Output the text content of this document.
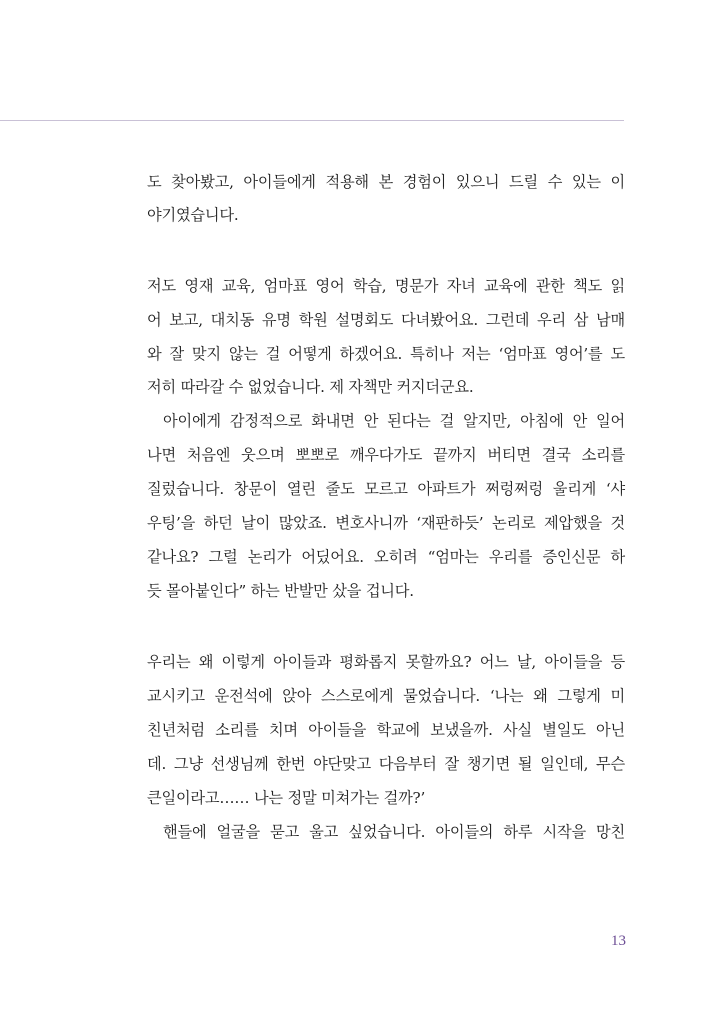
도 찾아봤고, 아이들에게 적용해 본 경험이 있으니 드릴 수 있는 이
야기였습니다.
저도 영재 교육, 엄마표 영어 학습, 명문가 자녀 교육에 관한 책도 읽
어 보고, 대치동 유명 학원 설명회도 다녀봤어요. 그런데 우리 삼 남매
와 잘 맞지 않는 걸 어떻게 하겠어요. 특히나 저는 ‘엄마표 영어’를 도
저히 따라갈 수 없었습니다. 제 자책만 커지더군요.
아이에게 감정적으로 화내면 안 된다는 걸 알지만, 아침에 안 일어
나면 처음엔 웃으며 뽀뽀로 깨우다가도 끝까지 버티면 결국 소리를
질렀습니다. 창문이 열린 줄도 모르고 아파트가 쩌렁쩌렁 울리게 ‘샤
우팅’을 하던 날이 많았죠. 변호사니까 ‘재판하듯’ 논리로 제압했을 것
같나요? 그럴 논리가 어딨어요. 오히려 “엄마는 우리를 증인신문 하
듯 몰아붙인다” 하는 반발만 샀을 겁니다.
우리는 왜 이렇게 아이들과 평화롭지 못할까요? 어느 날, 아이들을 등
교시키고 운전석에 앉아 스스로에게 물었습니다. ‘나는 왜 그렇게 미
친년처럼 소리를 치며 아이들을 학교에 보냈을까. 사실 별일도 아닌
데. 그냥 선생님께 한번 야단맞고 다음부터 잘 챙기면 될 일인데, 무슨
큰일이라고…… 나는 정말 미쳐가는 걸까?’
핸들에 얼굴을 묻고 울고 싶었습니다. 아이들의 하루 시작을 망친
13
